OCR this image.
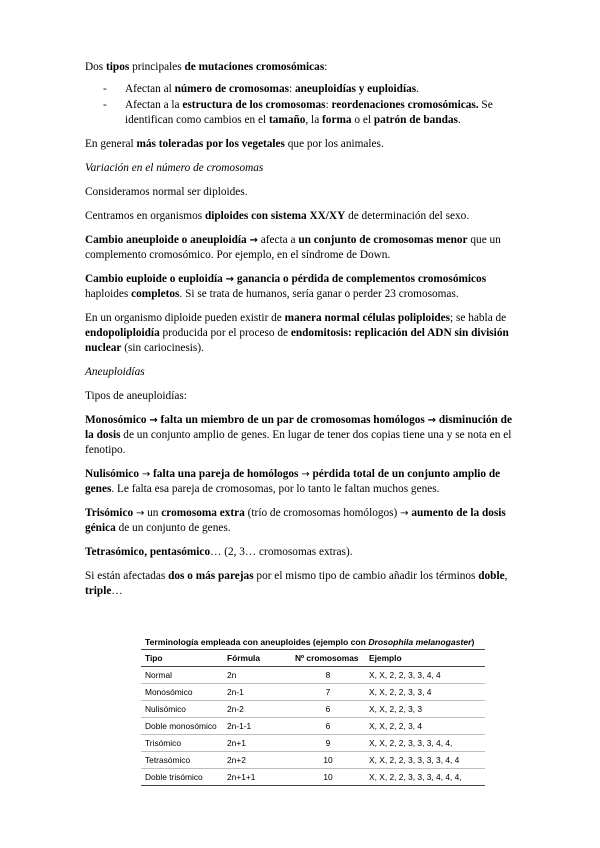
Dos tipos principales de mutaciones cromosómicas:

- Afectan al número de cromosomas: aneuploidías y euploidías.
- Afectan a la estructura de los cromosomas: reordenaciones cromosómicas. Se identifican como cambios en el tamaño, la forma o el patrón de bandas.

En general más toleradas por los vegetales que por los animales.

Variación en el número de cromosomas

Consideramos normal ser diploides.

Centramos en organismos diploides con sistema XX/XY de determinación del sexo.

Cambio aneuploide o aneuploidía → afecta a un conjunto de cromosomas menor que un complemento cromosómico. Por ejemplo, en el síndrome de Down.

Cambio euploide o euploidía → ganancia o pérdida de complementos cromosómicos haploides completos. Si se trata de humanos, sería ganar o perder 23 cromosomas.

En un organismo diploide pueden existir de manera normal células poliploides; se habla de endopoliploidía producida por el proceso de endomitosis: replicación del ADN sin división nuclear (sin cariocinesis).

Aneuploidías

Tipos de aneuploidías:

Monosómico → falta un miembro de un par de cromosomas homólogos → disminución de la dosis de un conjunto amplio de genes. En lugar de tener dos copias tiene una y se nota en el fenotipo.

Nulisómico → falta una pareja de homólogos → pérdida total de un conjunto amplio de genes. Le falta esa pareja de cromosomas, por lo tanto le faltan muchos genes.

Trisómico → un cromosoma extra (trío de cromosomas homólogos) → aumento de la dosis génica de un conjunto de genes.

Tetrasómico, pentasómico… (2, 3… cromosomas extras).

Si están afectadas dos o más parejas por el mismo tipo de cambio añadir los términos doble, triple…

Terminología empleada con aneuploides (ejemplo con Drosophila melanogaster)
Tipo	Fórmula	Nº cromosomas	Ejemplo
Normal	2n	8	X, X, 2, 2, 3, 3, 4, 4
Monosómico	2n-1	7	X, X, 2, 2, 3, 3, 4
Nulisómico	2n-2	6	X, X, 2, 2, 3, 3
Doble monosómico	2n-1-1	6	X, X, 2, 2, 3, 4
Trisómico	2n+1	9	X, X, 2, 2, 3, 3, 3, 4, 4,
Tetrasómico	2n+2	10	X, X, 2, 2, 3, 3, 3, 3, 4, 4
Doble trisómico	2n+1+1	10	X, X, 2, 2, 3, 3, 3, 4, 4, 4,
